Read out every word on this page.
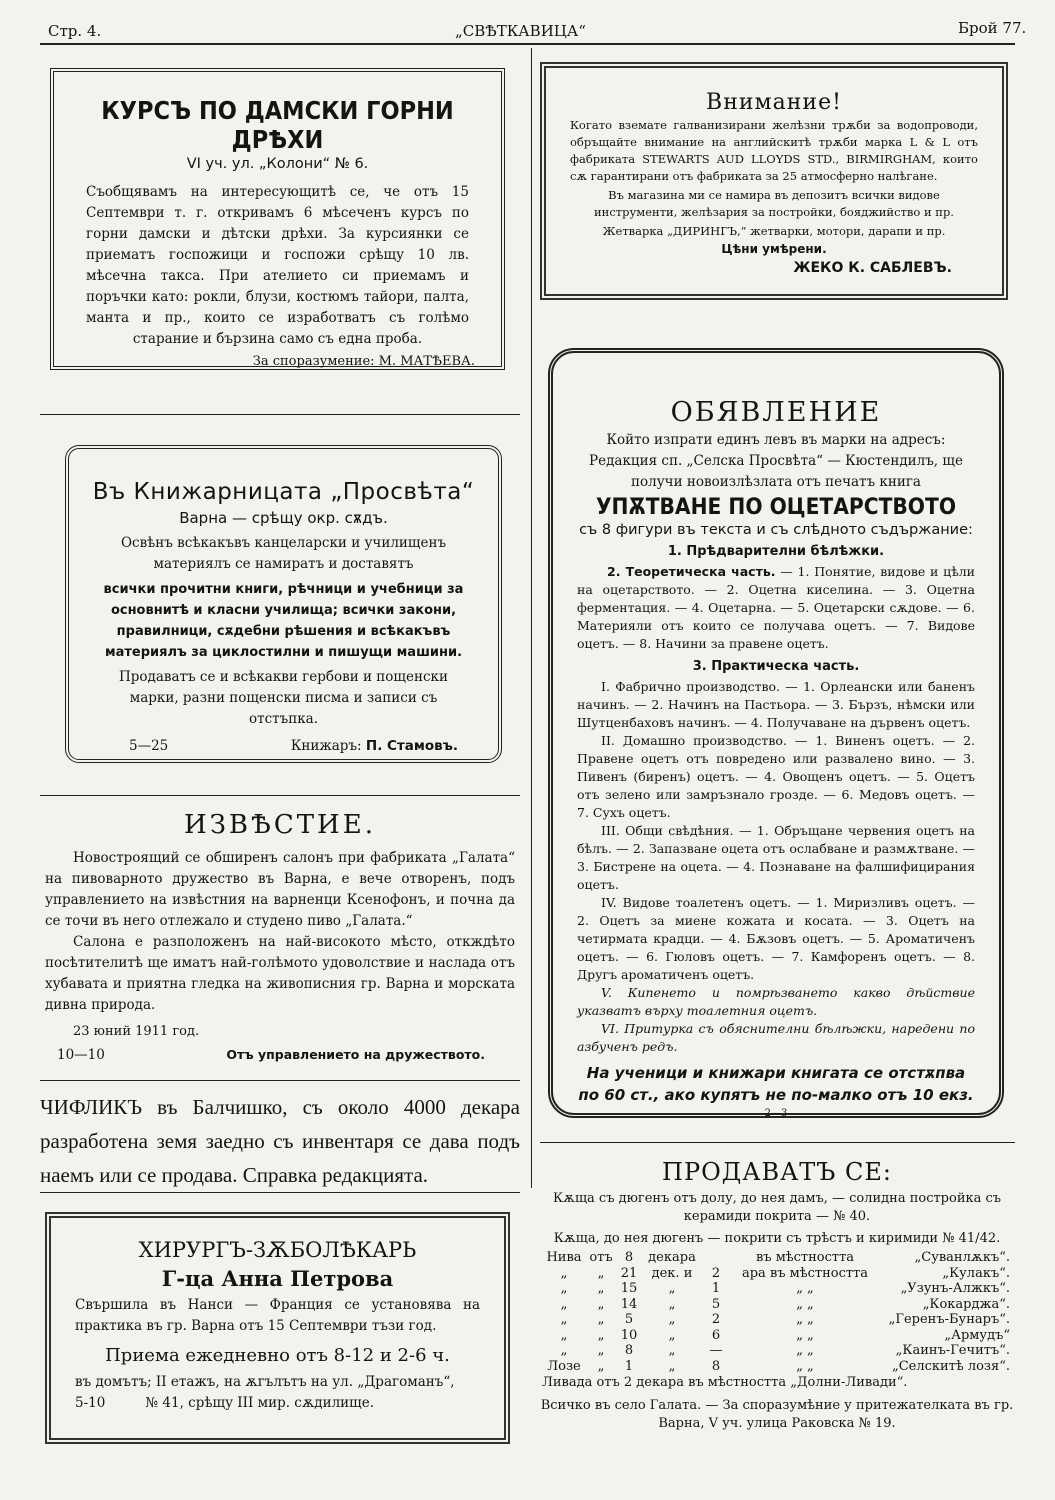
Стр. 4.	„СВѢТКАВИЦА“	Брой 77.
КУРСЪ ПО ДАМСКИ ГОРНИ ДРѢХИ
VI уч. ул. „Колони“ № 6.

Съобщявамъ на интересующитѣ се, че отъ 15 Септември т. г. откривамъ 6 мѣсеченъ курсъ по горни дамски и дѣтски дрѣхи. За курсиянки се приематъ госпожици и госпожи срѣщу 10 лв. мѣсечна такса. При ателието си приемамъ и поръчки като: рокли, блузи, костюмъ тайори, палта, манта и пр., които се изработватъ съ голѣмо старание и бързина само съ една проба.

За споразумение: М. МАТѢЕВА.
Въ Книжарницата „Просвѣта“
Варна — срѣщу окр. сѫдъ.

Освѣнъ всѣкакъвъ канцеларски и училищенъ материялъ се намиратъ и доставятъ

всички прочитни книги, рѣчници и учебници за основнитѣ и класни училища; всички закони, правилници, сѫдебни рѣшения и всѣкакъвъ материялъ за циклостилни и пишущи машини.

Продаватъ се и всѣкакви гербови и пощенски марки, разни пощенски писма и записи съ отстъпка.

5—25	Книжаръ: П. Стамовъ.
ИЗВѢСТИЕ.

Новостроящий се обширенъ салонъ при фабриката „Галата“ на пивоварното дружество въ Варна, е вече отворенъ, подъ управлението на извѣстния на варненци Ксенофонъ, и почна да се точи въ него отлежало и студено пиво „Галата.“

Салона е разположенъ на най-високото мѣсто, откждѣто посѣтителитѣ ще иматъ най-голѣмото удоволствие и наслада отъ хубавата и приятна гледка на живописния гр. Варна и морската дивна природа.

23 юний 1911 год.
10—10	Отъ управлението на дружеството.

ЧИФЛИКЪ въ Балчишко, съ около 4000 декара разработена земя заедно съ инвентаря се дава подъ наемъ или се продава. Справка редакцията.

ХИРУРГЪ-ЗѪБОЛѢКАРЬ
Г-ца Анна Петрова

Свършила въ Нанси — Франция се установява на практика въ гр. Варна отъ 15 Септември тъзи год.

Приема ежедневно отъ 8-12 и 2-6 ч.

въ домътъ; II етажъ, на ѫгълътъ на ул. „Драгоманъ“,

5-10	№ 41, срѣщу III мир. сѫдилище.
Внимание!

Когато вземате галванизирани желѣзни трѫби за водопроводи, обръщайте внимание на английскитѣ трѫби марка L & L отъ фабриката STEWARTS AUD LLOYDS STD., BIRMIRGHAM, които сѫ гарантирани отъ фабриката за 25 атмосферно налѣгане.

Въ магазина ми се намира въ депозитъ всички видове инструменти, желѣзария за постройки, бояджийство и пр.

Жетварка „ДИРИНГЪ,“ жетварки, мотори, дарапи и пр.

Цѣни умѣрени.
ЖЕКО К. САБЛЕВЪ.
ОБЯВЛЕНИЕ

Който изпрати единъ левъ въ марки на адресъ: Редакция сп. „Селска Просвѣта“ — Кюстендилъ, ще получи новоизлѣзлата отъ печатъ книга

УПѪТВАНЕ ПО ОЦЕТАРСТВОТО
съ 8 фигури въ текста и съ слѣдното съдържание:
1. Прѣдварителни бѣлѣжки.

2. Теоретическа часть. — 1. Понятие, видове и цѣли на оцетарството. — 2. Оцетна киселина. — 3. Оцетна ферментация. — 4. Оцетарна. — 5. Оцетарски сѫдове. — 6. Материяли отъ които се получава оцетъ. — 7. Видове оцетъ. — 8. Начини за правене оцетъ.

3. Практическа часть.

I. Фабрично производство. — 1. Орлеански или баненъ начинъ. — 2. Начинъ на Пастьора. — 3. Бързъ, нѣмски или Шутценбаховъ начинъ. — 4. Получаване на дървенъ оцетъ.

II. Домашно производство. — 1. Виненъ оцетъ. — 2. Правене оцетъ отъ повредено или развалено вино. — 3. Пивенъ (биренъ) оцетъ. — 4. Овощенъ оцетъ. — 5. Оцетъ отъ зелено или замръзнало грозде. — 6. Медовъ оцетъ. — 7. Сухъ оцетъ.

III. Общи свѣдѣния. — 1. Обръщане червения оцетъ на бѣлъ. — 2. Запазване оцета отъ ослабване и размѫтване. — 3. Бистрене на оцета. — 4. Познаване на фалшифицирания оцетъ.

IV. Видове тоалетенъ оцетъ. — 1. Миризливъ оцетъ. — 2. Оцетъ за миене кожата и косата. — 3. Оцетъ на четирмата крадци. — 4. Бѫзовъ оцетъ. — 5. Ароматиченъ оцетъ. — 6. Гюловъ оцетъ. — 7. Камфоренъ оцетъ. — 8. Другъ ароматиченъ оцетъ.

V. Кипенето и помрѣзването какво дѣйствие указватъ върху тоалетния оцетъ.

VI. Притурка съ обяснителни бѣлѣжки, наредени по азбученъ редъ.

На ученици и книжари книгата се отстѫпва по 60 ст., ако купятъ не по-малко отъ 10 екз.

2—3
ПРОДАВАТЪ СЕ:

Кѫща съ дюгенъ отъ долу, до нея дамъ, — солидна постройка съ керамиди покрита — № 40.

Кѫща, до нея дюгенъ — покрити съ трѣстъ и киримиди № 41/42.

Нива отъ 8	декара	въ мѣстността	„Суванлѫкъ“.
„	„	21	дек. и	2	ара въ мѣстността	„Кулакъ“.
„	„	15	„	1	„ „	„Узунъ-Алжкъ“.
„	„	14	„	5	„ „	„Кокарджа“.
„	„	5	„	2	„ „	„Геренъ-Бунаръ“.
„	„	10	„	6	„ „	„Армудъ“
„	„	8	„	—	„ „	„Каинъ-Гечитъ“.
Лозе	„	1	„	8	„ „	„Селскитѣ лозя“.

Ливада отъ 2 декара въ мѣстността „Долни-Ливади“.

Всичко въ село Галата. — За споразумѣние у притежателката въ гр. Варна, V уч. улица Раковска № 19.
